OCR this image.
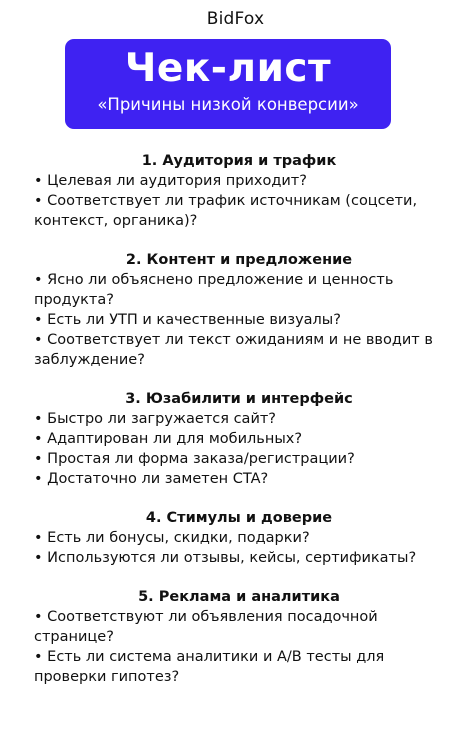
BidFox
Чек-лист
«Причины низкой конверсии»
1. Аудитория и трафик
• Целевая ли аудитория приходит?
• Соответствует ли трафик источникам (соцсети, контекст, органика)?
2. Контент и предложение
• Ясно ли объяснено предложение и ценность продукта?
• Есть ли УТП и качественные визуалы?
• Соответствует ли текст ожиданиям и не вводит в заблуждение?
3. Юзабилити и интерфейс
• Быстро ли загружается сайт?
• Адаптирован ли для мобильных?
• Простая ли форма заказа/регистрации?
• Достаточно ли заметен CTA?
4. Стимулы и доверие
• Есть ли бонусы, скидки, подарки?
• Используются ли отзывы, кейсы, сертификаты?
5. Реклама и аналитика
• Соответствуют ли объявления посадочной странице?
• Есть ли система аналитики и A/B тесты для проверки гипотез?
